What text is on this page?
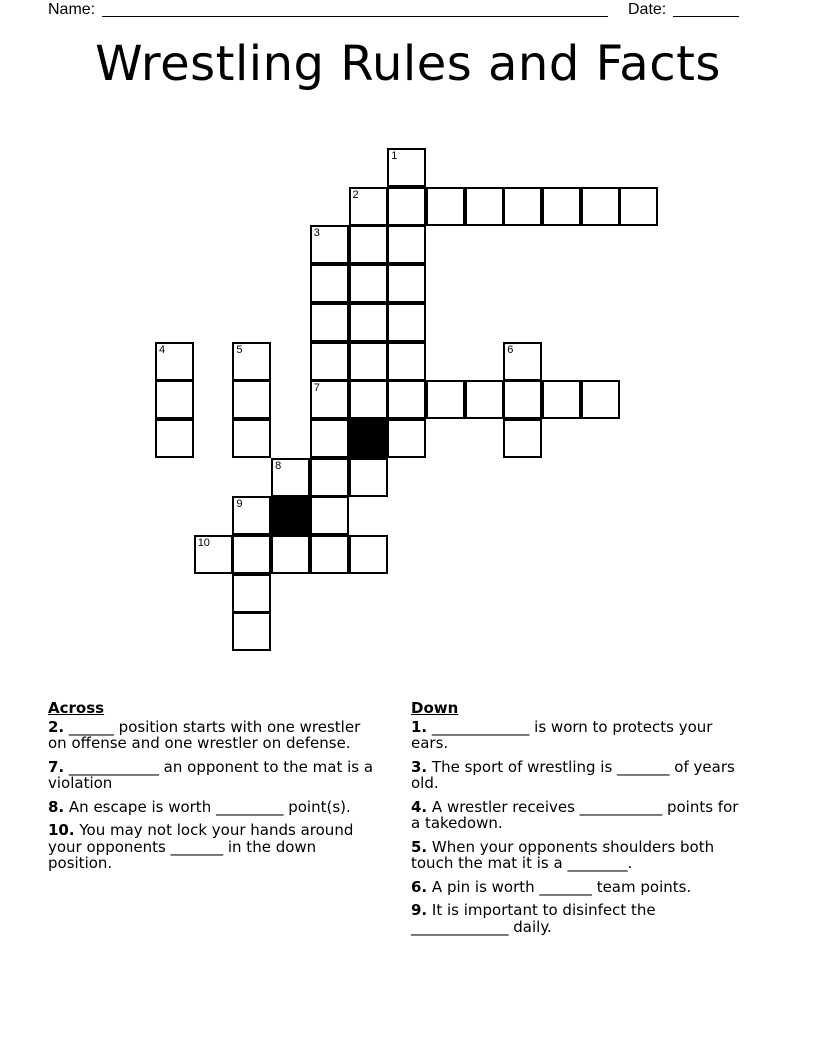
Name:	Date:
Wrestling Rules and Facts
1
2
3
4	5	6
7
8
9
10
Across
2. ______ position starts with one wrestler on offense and one wrestler on defense.
7. ____________ an opponent to the mat is a violation
8. An escape is worth _________ point(s).
10. You may not lock your hands around your opponents _______ in the down position.
Down
1. _____________ is worn to protects your ears.
3. The sport of wrestling is _______ of years old.
4. A wrestler receives ___________ points for a takedown.
5. When your opponents shoulders both touch the mat it is a ________.
6. A pin is worth _______ team points.
9. It is important to disinfect the _____________ daily.
